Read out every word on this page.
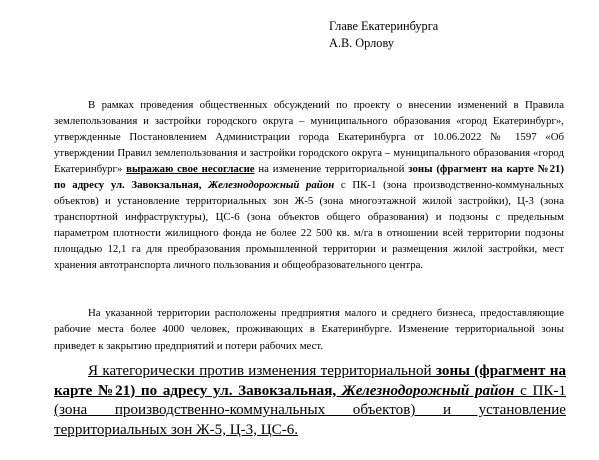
Главе Екатеринбурга
А.В. Орлову

В рамках проведения общественных обсуждений по проекту о внесении изменений в Правила землепользования и застройки городского округа – муниципального образования «город Екатеринбург», утвержденные Постановлением Администрации города Екатеринбурга от 10.06.2022 № 1597 «Об утверждении Правил землепользования и застройки городского округа – муниципального образования «город Екатеринбург» выражаю свое несогласие на изменение территориальной зоны (фрагмент на карте №21) по адресу ул. Завокзальная, Железнодорожный район с ПК-1 (зона производственно-коммунальных объектов) и установление территориальных зон Ж-5 (зона многоэтажной жилой застройки), Ц-3 (зона транспортной инфраструктуры), ЦС-6 (зона объектов общего образования) и подзоны с предельным параметром плотности жилищного фонда не более 22 500 кв. м/га в отношении всей территории подзоны площадью 12,1 га для преобразования промышленной территории и размещения жилой застройки, мест хранения автотранспорта личного пользования и общеобразовательного центра.

На указанной территории расположены предприятия малого и среднего бизнеса, предоставляющие рабочие места более 4000 человек, проживающих в Екатеринбурге. Изменение территориальной зоны приведет к закрытию предприятий и потери рабочих мест.

Я категорически против изменения территориальной зоны (фрагмент на карте №21) по адресу ул. Завокзальная, Железнодорожный район с ПК-1 (зона производственно-коммунальных объектов) и установление территориальных зон Ж-5, Ц-3, ЦС-6.
